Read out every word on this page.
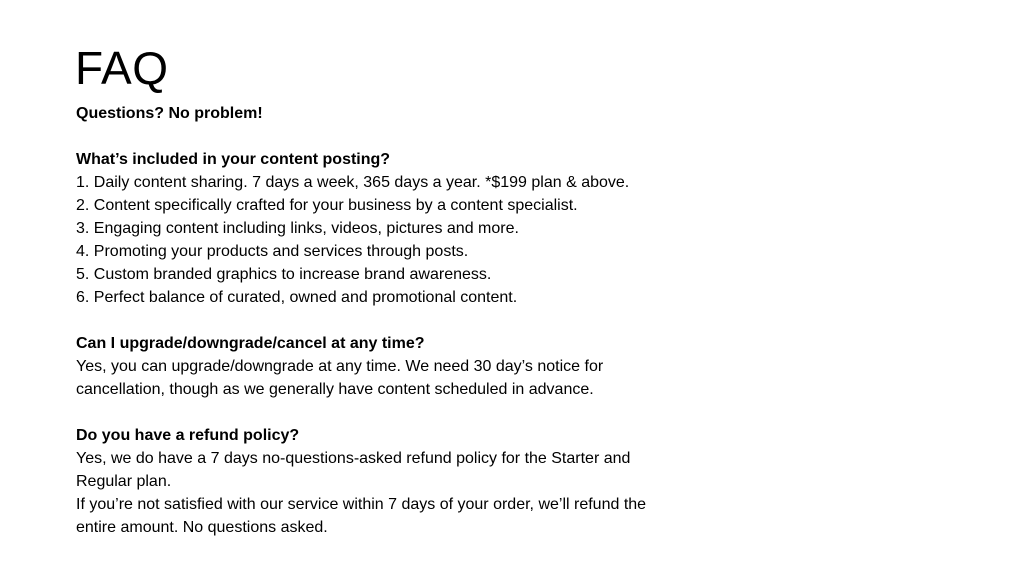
FAQ

Questions? No problem!

What’s included in your content posting?

1. Daily content sharing. 7 days a week, 365 days a year. *$199 plan & above.

2. Content specifically crafted for your business by a content specialist.

3. Engaging content including links, videos, pictures and more.

4. Promoting your products and services through posts.

5. Custom branded graphics to increase brand awareness.

6. Perfect balance of curated, owned and promotional content.

Can I upgrade/downgrade/cancel at any time?

Yes, you can upgrade/downgrade at any time. We need 30 day’s notice for

cancellation, though as we generally have content scheduled in advance.

Do you have a refund policy?

Yes, we do have a 7 days no-questions-asked refund policy for the Starter and

Regular plan.

If you’re not satisfied with our service within 7 days of your order, we’ll refund the

entire amount. No questions asked.
